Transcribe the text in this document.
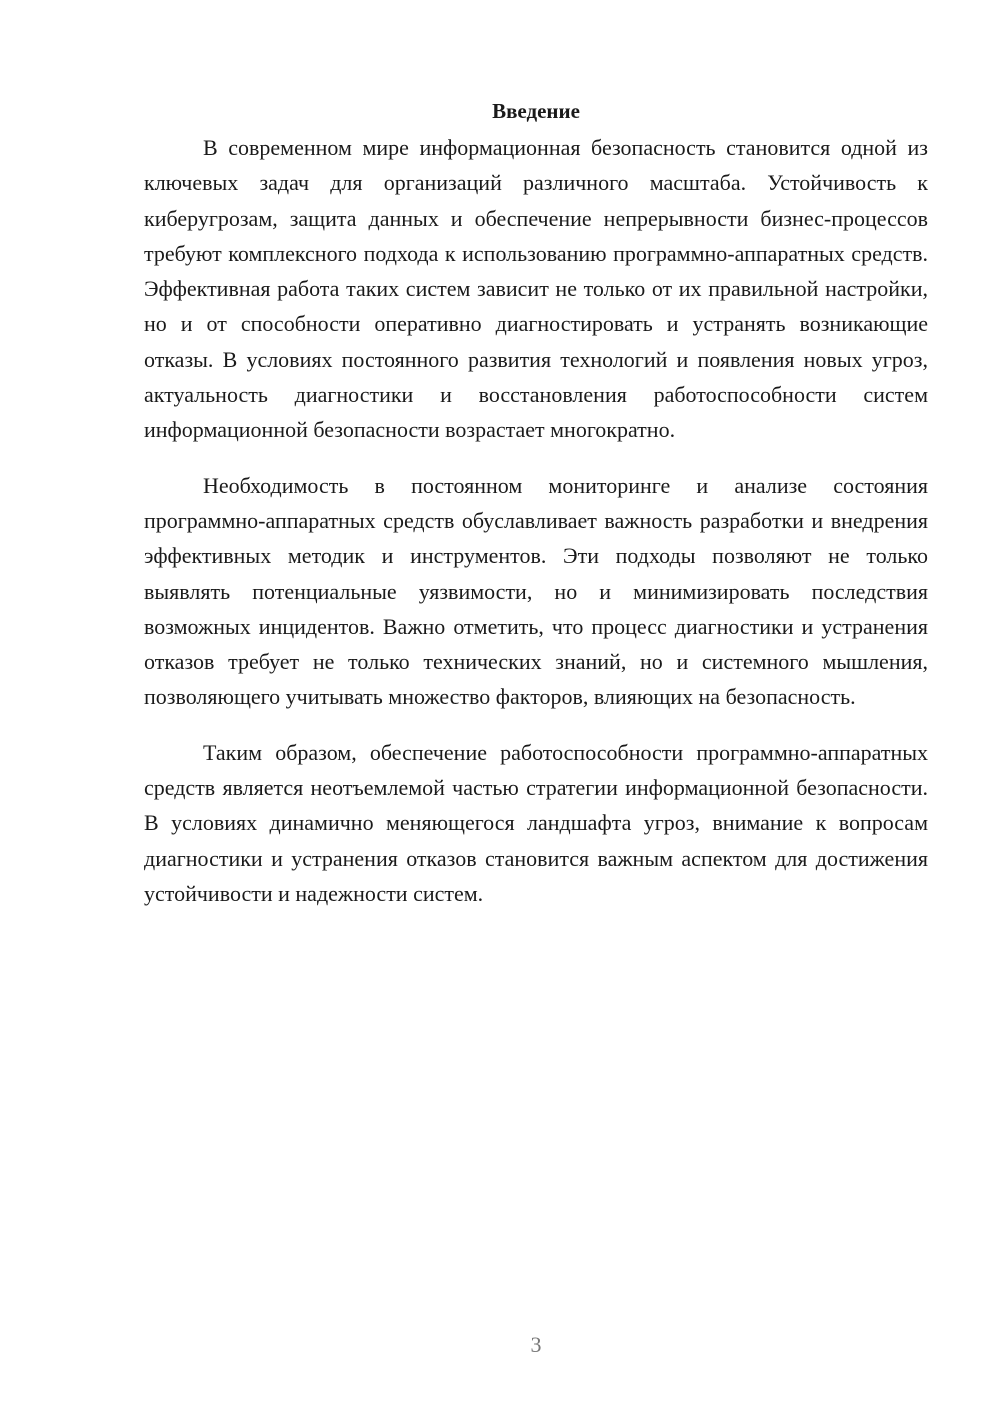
Введение

В современном мире информационная безопасность становится одной из ключевых задач для организаций различного масштаба. Устойчивость к киберугрозам, защита данных и обеспечение непрерывности бизнес-процессов требуют комплексного подхода к использованию программно-аппаратных средств. Эффективная работа таких систем зависит не только от их правильной настройки, но и от способности оперативно диагностировать и устранять возникающие отказы. В условиях постоянного развития технологий и появления новых угроз, актуальность диагностики и восстановления работоспособности систем информационной безопасности возрастает многократно.

Необходимость в постоянном мониторинге и анализе состояния программно-аппаратных средств обуславливает важность разработки и внедрения эффективных методик и инструментов. Эти подходы позволяют не только выявлять потенциальные уязвимости, но и минимизировать последствия возможных инцидентов. Важно отметить, что процесс диагностики и устранения отказов требует не только технических знаний, но и системного мышления, позволяющего учитывать множество факторов, влияющих на безопасность.

Таким образом, обеспечение работоспособности программно-аппаратных средств является неотъемлемой частью стратегии информационной безопасности. В условиях динамично меняющегося ландшафта угроз, внимание к вопросам диагностики и устранения отказов становится важным аспектом для достижения устойчивости и надежности систем.

3
